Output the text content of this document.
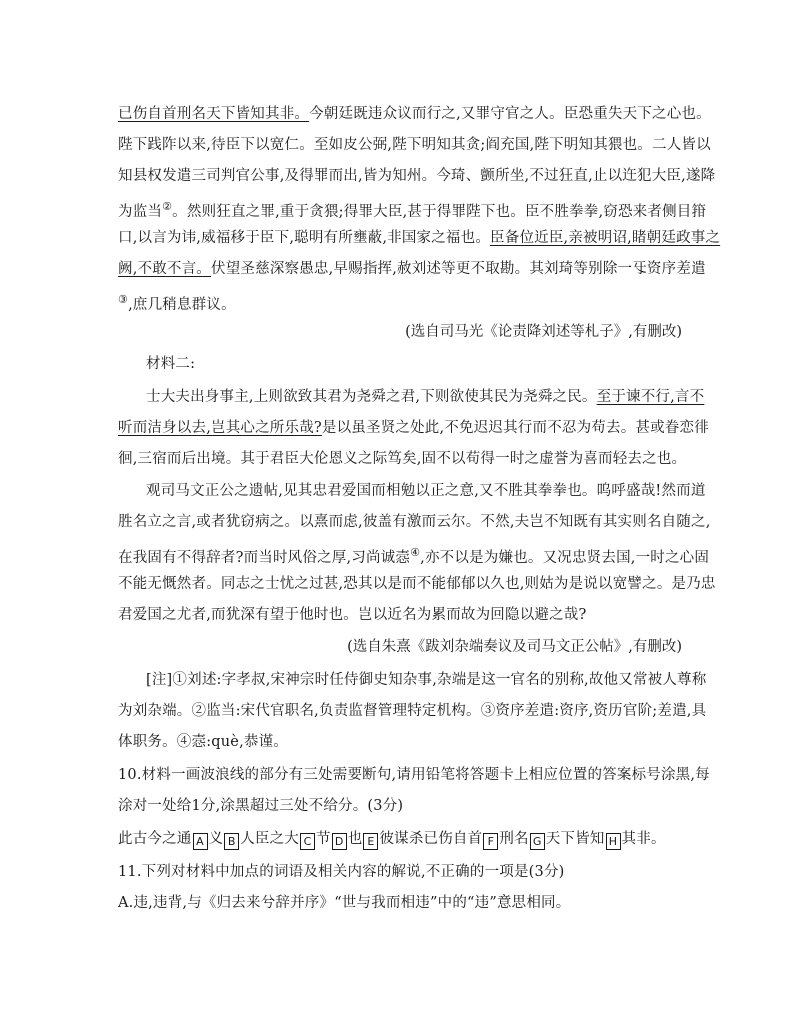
已伤自首刑名天下皆知其非。今朝廷既违众议而行之,又罪守官之人。臣恐重失天下之心也。
陛下践阼以来,待臣下以宽仁。至如皮公弼,陛下明知其贪;阎充国,陛下明知其猥也。二人皆以
知县权发遣三司判官公事,及得罪而出,皆为知州。今琦、颤所坐,不过狂直,止以迕犯大臣,遂降
为监当②。然则狂直之罪,重于贪猥;得罪大臣,甚于得罪陛下也。臣不胜拳拳,窃恐来者侧目箝
口,以言为讳,威福移于臣下,聪明有所壅蔽,非国家之福也。臣备位近臣,亲被明诏,睹朝廷政事之
阙,不敢不言。伏望圣慈深察愚忠,早赐指挥,赦刘述等更不取勘。其刘琦等别除一㸦资序差遣
③,庶几稍息群议。
(选自司马光《论责降刘述等札子》,有删改)
材料二:
士大夫出身事主,上则欲致其君为尧舜之君,下则欲使其民为尧舜之民。至于谏不行,言不
听而洁身以去,岂其心之所乐哉?是以虽圣贤之处此,不免迟迟其行而不忍为苟去。甚或眷恋徘
徊,三宿而后出境。其于君臣大伦恩义之际笃矣,固不以苟得一时之虚誉为喜而轻去之也。
观司马文正公之遗帖,见其忠君爱国而相勉以正之意,又不胜其拳拳也。呜呼盛哉!然而道
胜名立之言,或者犹窃病之。以熹而虑,彼盖有激而云尔。不然,夫岂不知既有其实则名自随之,
在我固有不得辞者?而当时风俗之厚,习尚诚悫④,亦不以是为嫌也。又况忠贤去国,一时之心固
不能无慨然者。同志之士忧之过甚,恐其以是而不能郁郁以久也,则姑为是说以宽譬之。是乃忠
君爱国之尤者,而犹深有望于他时也。岂以近名为累而故为回隐以避之哉?
(选自朱熹《跋刘杂端奏议及司马文正公帖》,有删改)
[注]①刘述:字孝叔,宋神宗时任侍御史知杂事,杂端是这一官名的别称,故他又常被人尊称
为刘杂端。②监当:宋代官职名,负责监督管理特定机构。③资序差遣:资序,资历官阶;差遣,具
体职务。④悫:què,恭谨。
10.材料一画波浪线的部分有三处需要断句,请用铅笔将答题卡上相应位置的答案标号涂黑,每
涂对一处给1分,涂黑超过三处不给分。(3分)
此古今之通 A 义 B 人臣之大 C 节 D 也 E 彼谋杀已伤自首 F 刑名 G 天下皆知 H 其非。
11.下列对材料中加点的词语及相关内容的解说,不正确的一项是(3分)
A.违,违背,与《归去来兮辞并序》“世与我而相违”中的“违”意思相同。
